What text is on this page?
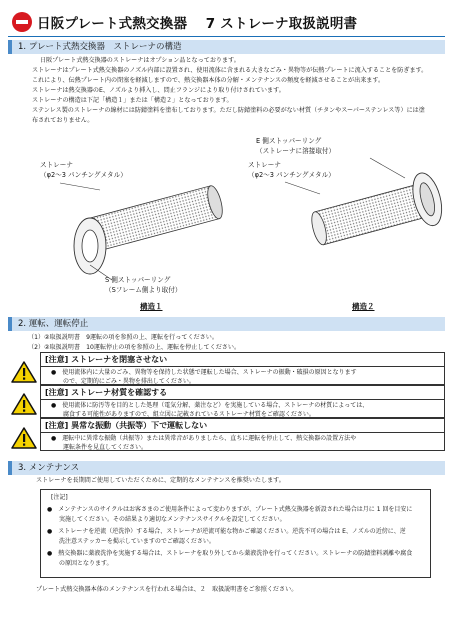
日阪プレート式熱交換器　 7 ストレーナ取扱説明書
1. プレート式熱交換器　ストレーナの構造
日阪プレート式熱交換器のストレーナはオプション品となっております。
ストレーナはプレート式熱交換器のノズル内部に設置され、使用流体に含まれる大きなごみ・異物等が伝熱プレートに流入することを防ぎます。
これにより、伝熱プレート内の閉塞を軽減しますので、熱交換器本体の分解・メンテナンスの頻度を軽減させることが出来ます。
ストレーナは熱交換器のE、ノズルより挿入し、問止フランジにより取り付けされています。
ストレーナの構造は下記「構造１」または「構造２」となっております。
ステンレス製のストレーナの線材には防錆塗料を塗布しております。ただし防錆塗料の必要がない材質（チタンやスーパーステンレス等）には塗
布されておりません。
ストレーナ
（φ2〜3 パンチングメタル）
S 側ストッパーリング
（Sフレーム側より取付）
E 側ストッパーリング
（ストレーナに溶接取付）
ストレーナ
（φ2〜3 パンチングメタル）
構造１	構造２
2. 運転、運転停止
（1）②取扱説明書　9運転の項を参照の上、運転を行ってください。
（2）②取扱説明書　10運転停止の項を参照の上、運転を停止してください。
[注意] ストレーナを閉塞させない
●　使用流体内に大量のごみ、異物等を保持した状態で運転した場合、ストレーナの振動・破損の原因となります
　　ので、定期的にごみ・異物を排出してください。
[注意] ストレーナ材質を確認する
●　使用流体に防汚等を目的とした処理（電気分解、薬注など）を実施している場合、ストレーナの材質によっては、
　　腐食する可能性がありますので、組立図に記載されているストレーナ材質をご確認ください。
[注意] 異常な振動（共振等）下で運転しない
●　運転中に異常な振動（共振等）または異常音がありましたら、直ちに運転を停止して、熱交換器の設置方法や
　　運転条件を見直してください。
3. メンテナンス
ストレーナを長期間ご使用していただくために、定期的なメンテナンスを推奨いたします。
[注記]
●　メンテナンスのサイクルはお客さまのご使用条件によって変わりますが、プレート式熱交換器を新設された場合は月に 1 回を目安に
　　実施してください。その結果より適切なメンテナンスサイクルを設定してください。
●　ストレーナを逆流（逆洗浄）する場合、ストレーナが逆流可能な物かご確認ください。逆洗不可の場合は E、ノズルの近傍に、逆
　　洗注意ステッカーを掲示していますのでご確認ください。
●　熱交換器に薬液洗浄を実施する場合は、ストレーナを取り外してから薬液洗浄を行ってください。ストレーナの防錆塗料剥離や腐食
　　の原因となります。
プレート式熱交換器本体のメンテナンスを行われる場合は、２　取扱説明書をご参照ください。
